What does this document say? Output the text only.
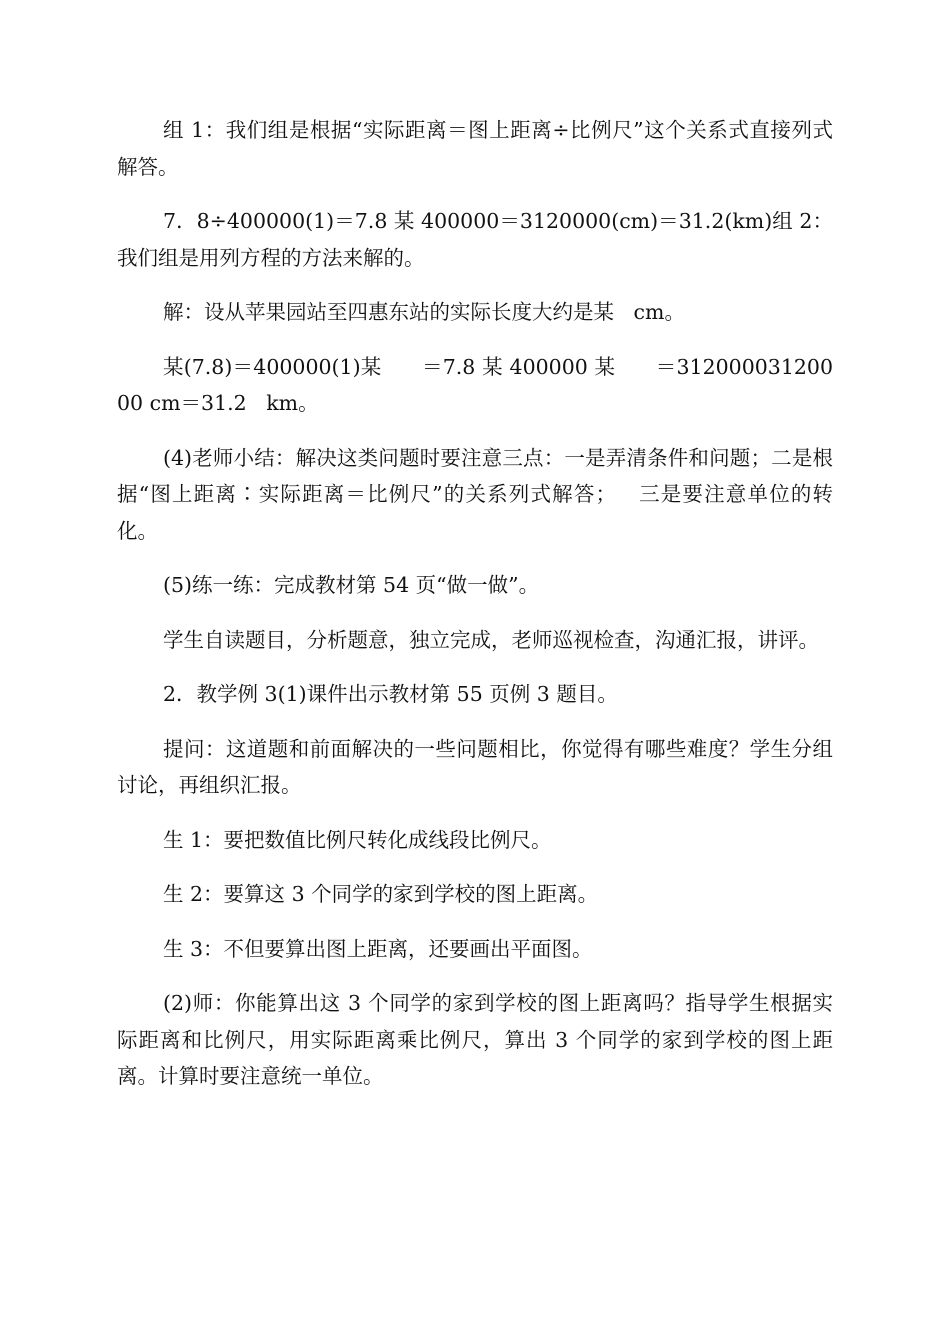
组 1：我们组是根据“实际距离＝图上距离÷比例尺”这个关系式直接列式解答。

7．8÷400000(1)＝7.8 某 400000＝3120000(cm)＝31.2(km)组 2：我们组是用列方程的方法来解的。

解：设从苹果园站至四惠东站的实际长度大约是某   cm。

某(7.8)＝400000(1)某      ＝7.8 某 400000 某      ＝31200003120000 cm＝31.2   km。

(4)老师小结：解决这类问题时要注意三点：一是弄清条件和问题；二是根据“图上距离∶实际距离＝比例尺”的关系列式解答；   三是要注意单位的转化。

(5)练一练：完成教材第 54 页“做一做”。

学生自读题目，分析题意，独立完成，老师巡视检查，沟通汇报，讲评。

2．教学例 3(1)课件出示教材第 55 页例 3 题目。

提问：这道题和前面解决的一些问题相比，你觉得有哪些难度？学生分组讨论，再组织汇报。

生 1：要把数值比例尺转化成线段比例尺。

生 2：要算这 3 个同学的家到学校的图上距离。

生 3：不但要算出图上距离，还要画出平面图。

(2)师：你能算出这 3 个同学的家到学校的图上距离吗？指导学生根据实际距离和比例尺，用实际距离乘比例尺，算出 3 个同学的家到学校的图上距离。计算时要注意统一单位。
